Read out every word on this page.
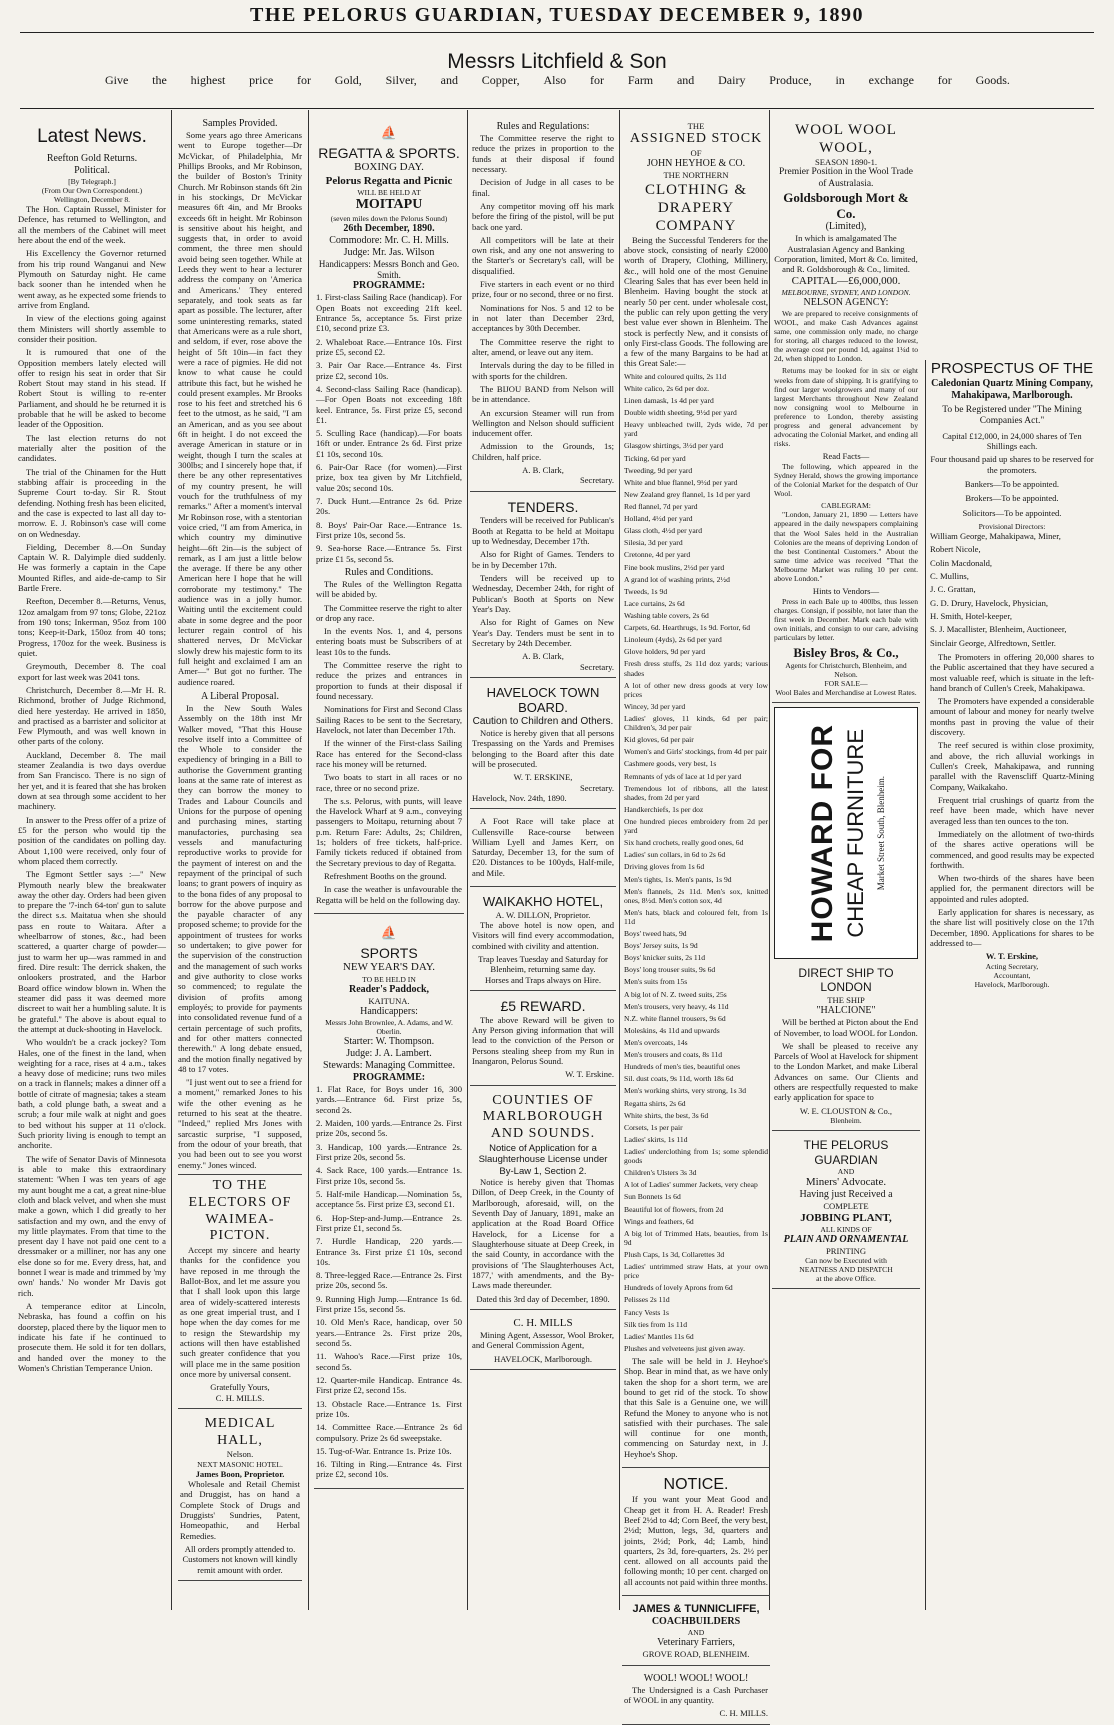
THE PELORUS GUARDIAN, TUESDAY DECEMBER 9, 1890
Messrs Litchfield & Son
Give the highest price for Gold, Silver, and Copper, Also for Farm and Dairy Produce, in exchange for Goods.
Latest News.
Reefton Gold Returns.
Political.
[By Telegraph.]
(From Our Own Correspondent.)
Wellington, December 8.

The Hon. Captain Russel, Minister for Defence, has returned to Wellington, and all the members of the Cabinet will meet here about the end of the week.

His Excellency the Governor returned from his trip round Wanganui and New Plymouth on Saturday night. He came back sooner than he intended when he went away, as he expected some friends to arrive from England.

In view of the elections going against them Ministers will shortly assemble to consider their position.

It is rumoured that one of the Opposition members lately elected will offer to resign his seat in order that Sir Robert Stout may stand in his stead. If Robert Stout is willing to re-enter Parliament, and should he be returned it is probable that he will be asked to become leader of the Opposition.

The last election returns do not materially alter the position of the candidates.

The trial of the Chinamen for the Hutt stabbing affair is proceeding in the Supreme Court to-day. Sir R. Stout defending. Nothing fresh has been elicited, and the case is expected to last all day to-morrow. E. J. Robinson's case will come on on Wednesday.

Fielding, December 8.—On Sunday Captain W. R. Dalyimple died suddenly. He was formerly a captain in the Cape Mounted Rifles, and aide-de-camp to Sir Bartle Frere.

Reefton, December 8.—Returns, Venus, 12oz amalgam from 97 tons; Globe, 221oz from 190 tons; Inkerman, 95oz from 100 tons; Keep-it-Dark, 150oz from 40 tons; Progress, 170oz for the week. Business is quiet.

Greymouth, December 8. The coal export for last week was 2041 tons.

Christchurch, December 8.—Mr H. R. Richmond, brother of Judge Richmond, died here yesterday. He arrived in 1850, and practised as a barrister and solicitor at Few Plymouth, and was well known in other parts of the colony.

Auckland, December 8. The mail steamer Zealandia is two days overdue from San Francisco. There is no sign of her yet, and it is feared that she has broken down at sea through some accident to her machinery.

In answer to the Press offer of a prize of £5 for the person who would tip the position of the candidates on polling day. About 1,100 were received, only four of whom placed them correctly.

The Egmont Settler says :—" New Plymouth nearly blew the breakwater away the other day. Orders had been given to prepare the '7-inch 64-ton' gun to salute the direct s.s. Maitatua when she should pass en route to Waitara. After a wheelbarrow of stones, &c., had been scattered, a quarter charge of powder—just to warm her up—was rammed in and fired. Dire result: The derrick shaken, the onlookers prostrated, and the Harbor Board office window blown in. When the steamer did pass it was deemed more discreet to wait her a humbling salute. It is be grateful." The above is about equal to the attempt at duck-shooting in Havelock.

Who wouldn't be a crack jockey? Tom Hales, one of the finest in the land, when weighting for a race, rises at 4 a.m., takes a heavy dose of medicine; runs two miles on a track in flannels; makes a dinner off a bottle of citrate of magnesia; takes a steam bath, a cold plunge bath, a sweat and a scrub; a four mile walk at night and goes to bed without his supper at 11 o'clock. Such priority living is enough to tempt an anchorite.

The wife of Senator Davis of Minnesota is able to make this extraordinary statement: 'When I was ten years of age my aunt bought me a cat, a great nine-blue cloth and black velvet, and when she must make a gown, which I did greatly to her satisfaction and my own, and the envy of my little playmates. From that time to the present day I have not paid one cent to a dressmaker or a milliner, nor has any one else done so for me. Every dress, hat, and bonnet I wear is made and trimmed by 'my own' hands.' No wonder Mr Davis got rich.

A temperance editor at Lincoln, Nebraska, has found a coffin on his doorstep, placed there by the liquor men to indicate his fate if he continued to prosecute them. He sold it for ten dollars, and handed over the money to the Women's Christian Temperance Union.

Samples Provided.

Some years ago three Americans went to Europe together—Dr McVickar, of Philadelphia, Mr Phillips Brooks, and Mr Robinson, the builder of Boston's Trinity Church. Mr Robinson stands 6ft 2in in his stockings, Dr McVickar measures 6ft 4in, and Mr Brooks exceeds 6ft in height. Mr Robinson is sensitive about his height, and suggests that, in order to avoid comment, the three men should avoid being seen together. While at Leeds they went to hear a lecturer address the company on 'America and Americans.' They entered separately, and took seats as far apart as possible. The lecturer, after some uninteresting remarks, stated that Americans were as a rule short, and seldom, if ever, rose above the height of 5ft 10in—in fact they were a race of pigmies. He did not know to what cause he could attribute this fact, but he wished he could present examples. Mr Brooks rose to his feet and stretched his 6 feet to the utmost, as he said, "I am an American, and as you see about 6ft in height. I do not exceed the average American in stature or in weight, though I turn the scales at 300lbs; and I sincerely hope that, if there be any other representatives of my country present, he will vouch for the truthfulness of my remarks." After a moment's interval Mr Robinson rose, with a stentorian voice cried, "I am from America, in which country my diminutive height—6ft 2in—is the subject of remark, as I am just a little below the average. If there be any other American here I hope that he will corroborate my testimony." The audience was in a jolly humor. Waiting until the excitement could abate in some degree and the poor lecturer regain control of his shattered nerves, Dr McVickar slowly drew his majestic form to its full height and exclaimed I am an Amer—" But got no further. The audience roared.

A Liberal Proposal.

In the New South Wales Assembly on the 18th inst Mr Walker moved, "That this House resolve itself into a Committee of the Whole to consider the expediency of bringing in a Bill to authorise the Government granting loans at the same rate of interest as they can borrow the money to Trades and Labour Councils and Unions for the purpose of opening and purchasing mines, starting manufactories, purchasing sea vessels and manufacturing reproductive works to provide for the payment of interest on and the repayment of the principal of such loans; to grant powers of inquiry as to the bona fides of any proposal to borrow for the above purpose and the payable character of any proposed scheme; to provide for the appointment of trustees for works so undertaken; to give power for the supervision of the construction and the management of such works and give authority to close works so commenced; to regulate the division of profits among employés; to provide for payments into consolidated revenue fund of a certain percentage of such profits, and for other matters connected therewith." A long debate ensued, and the motion finally negatived by 48 to 17 votes.

"I just went out to see a friend for a moment," remarked Jones to his wife the other evening as he returned to his seat at the theatre. "Indeed," replied Mrs Jones with sarcastic surprise, "I supposed, from the odour of your breath, that you had been out to see you worst enemy." Jones winced.

TO THE ELECTORS OF WAIMEA-PICTON.

Accept my sincere and hearty thanks for the confidence you have reposed in me through the Ballot-Box, and let me assure you that I shall look upon this large area of widely-scattered interests as one great imperial trust, and I hope when the day comes for me to resign the Stewardship my actions will then have established such greater confidence that you will place me in the same position once more by universal consent.

Gratefully Yours,
C. H. MILLS.
MEDICAL HALL,
Nelson.
NEXT MASONIC HOTEL.
James Boon, Proprietor.

Wholesale and Retail Chemist and Druggist, has on hand a Complete Stock of Drugs and Druggists' Sundries, Patent, Homeopathic, and Herbal Remedies.

All orders promptly attended to.
Customers not known will kindly remit amount with order.
⛵
REGATTA & SPORTS.
BOXING DAY.
Pelorus Regatta and Picnic
WILL BE HELD AT
MOITAPU
(seven miles down the Pelorus Sound)
26th December, 1890.
Commodore: Mr. C. H. Mills.
Judge: Mr. Jas. Wilson
Handicappers: Messrs Bonch and Geo. Smith.
PROGRAMME:

1. First-class Sailing Race (handicap). For Open Boats not exceeding 21ft keel. Entrance 5s, acceptance 5s. First prize £10, second prize £3.

2. Whaleboat Race.—Entrance 10s. First prize £5, second £2.

3. Pair Oar Race.—Entrance 4s. First prize £2, second 10s.

4. Second-class Sailing Race (handicap).—For Open Boats not exceeding 18ft keel. Entrance, 5s. First prize £5, second £1.

5. Sculling Race (handicap).—For boats 16ft or under. Entrance 2s 6d. First prize £1 10s, second 10s.

6. Pair-Oar Race (for women).—First prize, box tea given by Mr Litchfield, value 20s; second 10s.

7. Duck Hunt.—Entrance 2s 6d. Prize 20s.

8. Boys' Pair-Oar Race.—Entrance 1s. First prize 10s, second 5s.

9. Sea-horse Race.—Entrance 5s. First prize £1 5s, second 5s.

Rules and Conditions.

The Rules of the Wellington Regatta will be abided by.

The Committee reserve the right to alter or drop any race.

In the events Nos. 1, and 4, persons entering boats must be Subscribers of at least 10s to the funds.

The Committee reserve the right to reduce the prizes and entrances in proportion to funds at their disposal if found necessary.

Nominations for First and Second Class Sailing Races to be sent to the Secretary, Havelock, not later than December 17th.

If the winner of the First-class Sailing Race has entered for the Second-class race his money will be returned.

Two boats to start in all races or no race, three or no second prize.

The s.s. Pelorus, with punts, will leave the Havelock Wharf at 9 a.m., conveying passengers to Moitapu, returning about 7 p.m. Return Fare: Adults, 2s; Children, 1s; holders of free tickets, half-price. Family tickets reduced if obtained from the Secretary previous to day of Regatta.

Refreshment Booths on the ground.

In case the weather is unfavourable the Regatta will be held on the following day.

⛵
SPORTS
NEW YEAR'S DAY.
TO BE HELD IN
Reader's Paddock,
KAITUNA.
Handicappers:
Messrs John Brownlee, A. Adams, and W. Oberlin.
Starter: W. Thompson.
Judge: J. A. Lambert.
Stewards: Managing Committee.
PROGRAMME:

1. Flat Race, for Boys under 16, 300 yards.—Entrance 6d. First prize 5s, second 2s.

2. Maiden, 100 yards.—Entrance 2s. First prize 20s, second 5s.

3. Handicap, 100 yards.—Entrance 2s. First prize 20s, second 5s.

4. Sack Race, 100 yards.—Entrance 1s. First prize 10s, second 5s.

5. Half-mile Handicap.—Nomination 5s, acceptance 5s. First prize £3, second £1.

6. Hop-Step-and-Jump.—Entrance 2s. First prize £1, second 5s.

7. Hurdle Handicap, 220 yards.—Entrance 3s. First prize £1 10s, second 10s.

8. Three-legged Race.—Entrance 2s. First prize 20s, second 5s.

9. Running High Jump.—Entrance 1s 6d. First prize 15s, second 5s.

10. Old Men's Race, handicap, over 50 years.—Entrance 2s. First prize 20s, second 5s.

11. Wahoo's Race.—First prize 10s, second 5s.

12. Quarter-mile Handicap. Entrance 4s. First prize £2, second 15s.

13. Obstacle Race.—Entrance 1s. First prize 10s.

14. Committee Race.—Entrance 2s 6d compulsory. Prize 2s 6d sweepstake.

15. Tug-of-War. Entrance 1s. Prize 10s.

16. Tilting in Ring.—Entrance 4s. First prize £2, second 10s.

Rules and Regulations:

The Committee reserve the right to reduce the prizes in proportion to the funds at their disposal if found necessary.

Decision of Judge in all cases to be final.

Any competitor moving off his mark before the firing of the pistol, will be put back one yard.

All competitors will be late at their own risk, and any one not answering to the Starter's or Secretary's call, will be disqualified.

Five starters in each event or no third prize, four or no second, three or no first.

Nominations for Nos. 5 and 12 to be in not later than December 23rd, acceptances by 30th December.

The Committee reserve the right to alter, amend, or leave out any item.

Intervals during the day to be filled in with sports for the children.

The BIJOU BAND from Nelson will be in attendance.

An excursion Steamer will run from Wellington and Nelson should sufficient inducement offer.

Admission to the Grounds, 1s; Children, half price.

A. B. Clark,
Secretary.
TENDERS.

Tenders will be received for Publican's Booth at Regatta to be held at Moitapu up to Wednesday, December 17th.

Also for Right of Games. Tenders to be in by December 17th.

Tenders will be received up to Wednesday, December 24th, for right of Publican's Booth at Sports on New Year's Day.

Also for Right of Games on New Year's Day. Tenders must be sent in to Secretary by 24th December.

A. B. Clark,
Secretary.
HAVELOCK TOWN BOARD.
Caution to Children and Others.

Notice is hereby given that all persons Trespassing on the Yards and Premises belonging to the Board after this date will be prosecuted.

W. T. ERSKINE,
Secretary.
Havelock, Nov. 24th, 1890.

A Foot Race will take place at Cullensville Race-course between William Lyell and James Kerr, on Saturday, December 13, for the sum of £20. Distances to be 100yds, Half-mile, and Mile.

WAIKAKHO HOTEL,
A. W. DILLON, Proprietor.

The above hotel is now open, and Visitors will find every accommodation, combined with civility and attention.

Trap leaves Tuesday and Saturday for Blenheim, returning same day.
Horses and Traps always on Hire.
£5 REWARD.

The above Reward will be given to Any Person giving information that will lead to the conviction of the Person or Persons stealing sheep from my Run in Inangaron, Pelorus Sound.

W. T. Erskine.
COUNTIES OF MARLBOROUGH AND SOUNDS.
Notice of Application for a Slaughterhouse License under By-Law 1, Section 2.

Notice is hereby given that Thomas Dillon, of Deep Creek, in the County of Marlborough, aforesaid, will, on the Seventh Day of January, 1891, make an application at the Road Board Office Havelock, for a License for a Slaughterhouse situate at Deep Creek, in the said County, in accordance with the provisions of 'The Slaughterhouses Act, 1877,' with amendments, and the By-Laws made thereunder.

Dated this 3rd day of December, 1890.
C. H. MILLS

Mining Agent, Assessor, Wool Broker, and General Commission Agent,

HAVELOCK, Marlborough.
THE
ASSIGNED STOCK
OF
JOHN HEYHOE & CO.
THE NORTHERN
CLOTHING & DRAPERY COMPANY

Being the Successful Tenderers for the above stock, consisting of nearly £2000 worth of Drapery, Clothing, Millinery, &c., will hold one of the most Genuine Clearing Sales that has ever been held in Blenheim. Having bought the stock at nearly 50 per cent. under wholesale cost, the public can rely upon getting the very best value ever shown in Blenheim. The stock is perfectly New, and it consists of only First-class Goods. The following are a few of the many Bargains to be had at this Great Sale:—

White and coloured quilts, 2s 11d

White calico, 2s 6d per doz.

Linen damask, 1s 4d per yard

Double width sheeting, 9½d per yard

Heavy unbleached twill, 2yds wide, 7d per yard

Glasgow shirtings, 3½d per yard

Ticking, 6d per yard

Tweeding, 9d per yard

White and blue flannel, 9½d per yard

New Zealand grey flannel, 1s 1d per yard

Red flannel, 7d per yard

Holland, 4½d per yard

Glass cloth, 4½d per yard

Silesia, 3d per yard

Cretonne, 4d per yard

Fine book muslins, 2½d per yard

A grand lot of washing prints, 2½d

Tweeds, 1s 9d

Lace curtains, 2s 6d

Washing table covers, 2s 6d

Carpets, 6d. Hearthrugs, 1s 9d. Fortor, 6d

Linoleum (4yds), 2s 6d per yard

Glove holders, 9d per yard

Fresh dress stuffs, 2s 11d doz yards; various shades

A lot of other new dress goods at very low prices

Wincey, 3d per yard

Ladies' gloves, 11 kinds, 6d per pair; Children's, 3d per pair

Kid gloves, 6d per pair

Women's and Girls' stockings, from 4d per pair

Cashmere goods, very best, 1s

Remnants of yds of lace at 1d per yard

Tremendous lot of ribbons, all the latest shades, from 2d per yard

Handkerchiefs, 1s per doz

One hundred pieces embroidery from 2d per yard

Six hand crochets, really good ones, 6d

Ladies' sun collars, in 6d to 2s 6d

Driving gloves from 1s 6d

Men's tights, 1s. Men's pants, 1s 9d

Men's flannels, 2s 11d. Men's sox, knitted ones, 8½d. Men's cotton sox, 4d

Men's hats, black and coloured felt, from 1s 11d

Boys' tweed hats, 9d

Boys' Jersey suits, 1s 9d

Boys' knicker suits, 2s 11d

Boys' long trouser suits, 9s 6d

Men's suits from 15s

A big lot of N. Z. tweed suits, 25s

Men's trousers, very heavy, 4s 11d

N.Z. white flannel trousers, 9s 6d

Moleskins, 4s 11d and upwards

Men's overcoats, 14s

Men's trousers and coats, 8s 11d

Hundreds of men's ties, beautiful ones

Sil. dust coats, 9s 11d, worth 18s 6d

Men's working shirts, very strong, 1s 3d

Regatta shirts, 2s 6d

White shirts, the best, 3s 6d

Corsets, 1s per pair

Ladies' skirts, 1s 11d

Ladies' underclothing from 1s; some splendid goods

Children's Ulsters 3s 3d

A lot of Ladies' summer Jackets, very cheap

Sun Bonnets 1s 6d

Beautiful lot of flowers, from 2d

Wings and feathers, 6d

A big lot of Trimmed Hats, beauties, from 1s 9d

Plush Caps, 1s 3d, Collarettes 3d

Ladies' untrimmed straw Hats, at your own price

Hundreds of lovely Aprons from 6d

Pelisses 2s 11d

Fancy Vests 1s

Silk ties from 1s 11d

Ladies' Mantles 11s 6d

Plushes and velveteens just given away.

The sale will be held in J. Heyhoe's Shop. Bear in mind that, as we have only taken the shop for a short term, we are bound to get rid of the stock. To show that this Sale is a Genuine one, we will Refund the Money to anyone who is not satisfied with their purchases. The sale will continue for one month, commencing on Saturday next, in J. Heyhoe's Shop.

NOTICE.

If you want your Meat Good and Cheap get it from H. A. Reader! Fresh Beef 2½d to 4d; Corn Beef, the very best, 2½d; Mutton, legs, 3d, quarters and joints, 2½d; Pork, 4d; Lamb, hind quarters, 2s 3d, fore-quarters, 2s. 2½ per cent. allowed on all accounts paid the following month; 10 per cent. charged on all accounts not paid within three months.

JAMES & TUNNICLIFFE,
COACHBUILDERS
AND
Veterinary Farriers,
GROVE ROAD, BLENHEIM.
WOOL! WOOL! WOOL!

The Undersigned is a Cash Purchaser of WOOL in any quantity.

C. H. MILLS.
WOOL WOOL WOOL,
SEASON 1890-1.
Premier Position in the Wool Trade of Australasia.
Goldsborough Mort & Co.
(Limited),
In which is amalgamated The Australasian Agency and Banking Corporation, limited, Mort & Co. limited, and R. Goldsborough & Co., limited.
CAPITAL—£6,000,000.
MELBOURNE, SYDNEY, AND LONDON.
NELSON AGENCY:

We are prepared to receive consignments of WOOL, and make Cash Advances against same, one commission only made, no charge for storing, all charges reduced to the lowest, the average cost per pound 1d, against 1¼d to 2d, when shipped to London.

Returns may be looked for in six or eight weeks from date of shipping. It is gratifying to find our larger woolgrowers and many of our largest Merchants throughout New Zealand now consigning wool to Melbourne in preference to London, thereby assisting progress and general advancement by advocating the Colonial Market, and ending all risks.

Read Facts—

The following, which appeared in the Sydney Herald, shows the growing importance of the Colonial Market for the despatch of Our Wool.

CABLEGRAM:

"London, January 21, 1890 — Letters have appeared in the daily newspapers complaining that the Wool Sales held in the Australian Colonies are the means of depriving London of the best Continental Customers." About the same time advice was received "That the Melbourne Market was ruling 10 per cent. above London."

Hints to Vendors—

Press in each Bale up to 400lbs, thus lessen charges. Consign, if possible, not later than the first week in December. Mark each bale with own initials, and consign to our care, advising particulars by letter.

Bisley Bros, & Co.,
Agents for Christchurch, Blenheim, and Nelson.
FOR SALE—
Wool Bales and Merchandise at Lowest Rates.
HOWARD FOR CHEAP FURNITURE Market Street South, Blenheim.
DIRECT SHIP TO LONDON
THE SHIP
"HALCIONE"

Will be berthed at Picton about the End of November, to load WOOL for London.

We shall be pleased to receive any Parcels of Wool at Havelock for shipment to the London Market, and make Liberal Advances on same. Our Clients and others are respectfully requested to make early application for space to

W. E. CLOUSTON & Co.,
Blenheim.
THE PELORUS GUARDIAN
AND
Miners' Advocate.
Having just Received a
COMPLETE
JOBBING PLANT,
ALL KINDS OF
PLAIN AND ORNAMENTAL
PRINTING
Can now be Executed with
NEATNESS AND DISPATCH
at the above Office.
PROSPECTUS OF THE
Caledonian Quartz Mining Company, Mahakipawa, Marlborough.
To be Registered under "The Mining Companies Act."
Capital £12,000, in 24,000 shares of Ten Shillings each.
Four thousand paid up shares to be reserved for the promoters.
Bankers—To be appointed.
Brokers—To be appointed.
Solicitors—To be appointed.
Provisional Directors:

William George, Mahakipawa, Miner,

Robert Nicole,

Colin Macdonald,

C. Mullins,

J. C. Grattan,

G. D. Drury, Havelock, Physician,

H. Smith, Hotel-keeper,

S. J. Macallister, Blenheim, Auctioneer,

Sinclair George, Alfredtown, Settler.

The Promoters in offering 20,000 shares to the Public ascertained that they have secured a most valuable reef, which is situate in the left-hand branch of Cullen's Creek, Mahakipawa.

The Promoters have expended a considerable amount of labour and money for nearly twelve months past in proving the value of their discovery.

The reef secured is within close proximity, and above, the rich alluvial workings in Cullen's Creek, Mahakipawa, and running parallel with the Ravenscliff Quartz-Mining Company, Waikakaho.

Frequent trial crushings of quartz from the reef have been made, which have never averaged less than ten ounces to the ton.

Immediately on the allotment of two-thirds of the shares active operations will be commenced, and good results may be expected forthwith.

When two-thirds of the shares have been applied for, the permanent directors will be appointed and rules adopted.

Early application for shares is necessary, as the share list will positively close on the 17th December, 1890. Applications for shares to be addressed to—

W. T. Erskine,
Acting Secretary,
Accountant,
Havelock, Marlborough.
